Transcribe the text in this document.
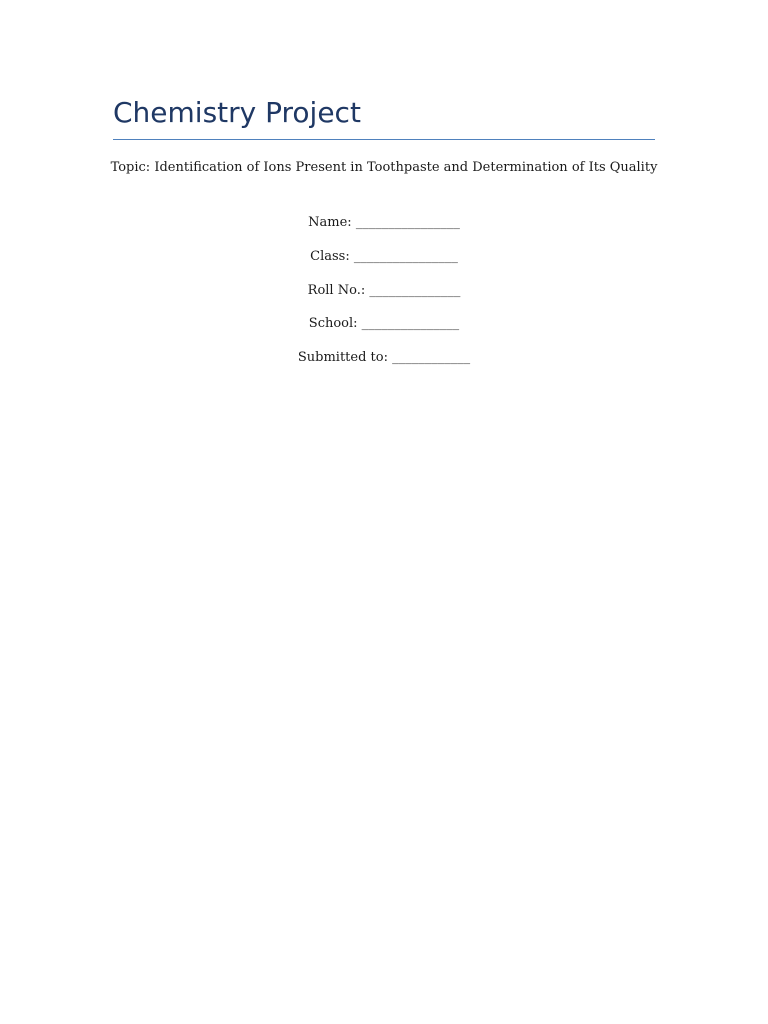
Chemistry Project

Topic: Identification of Ions Present in Toothpaste and Determination of Its Quality

Name: ________________

Class: ________________

Roll No.: ______________

School: _______________

Submitted to: ____________
